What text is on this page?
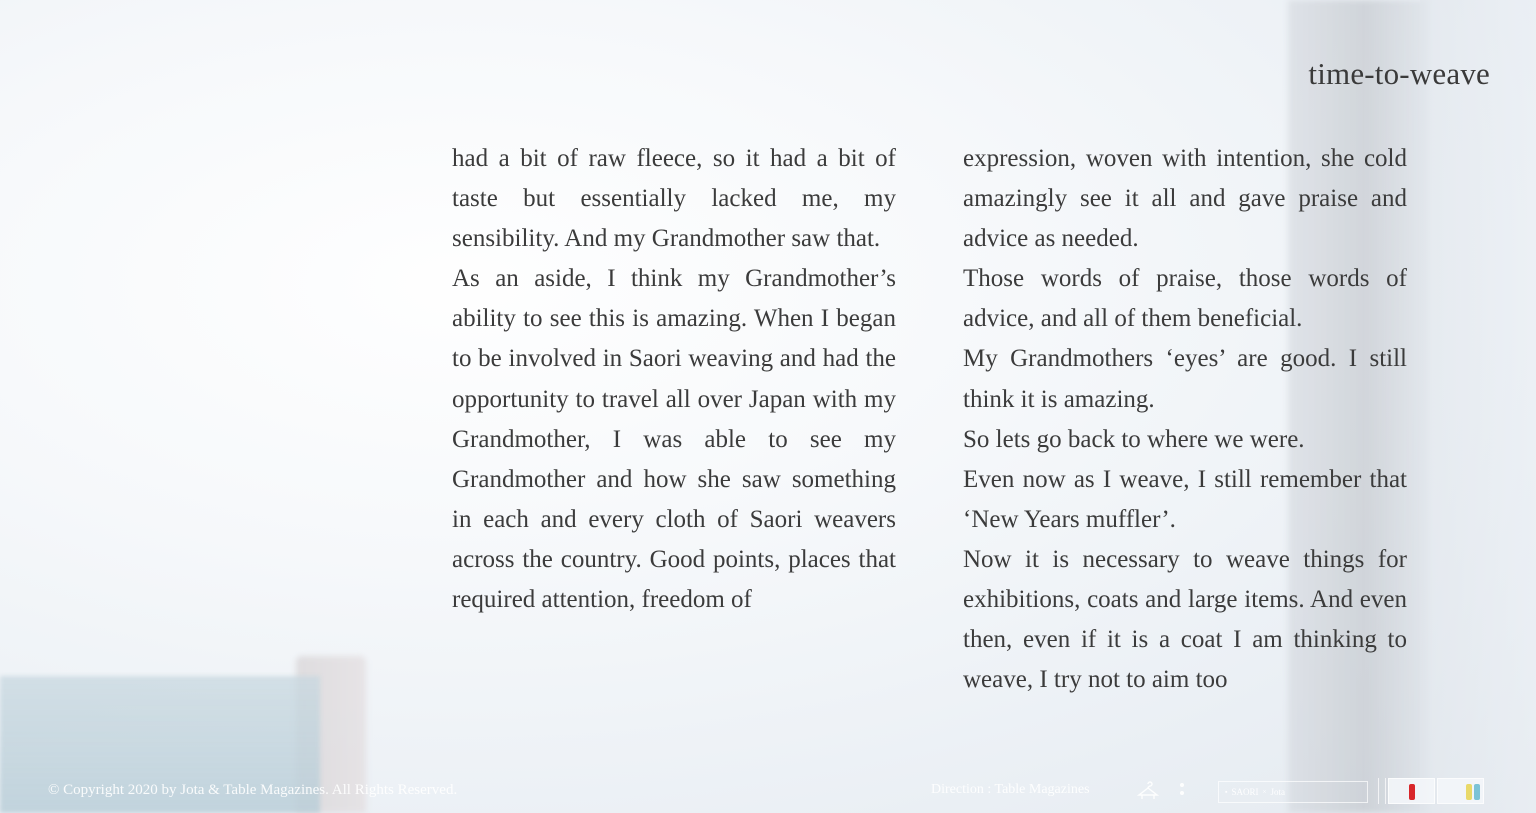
time-to-weave

had a bit of raw fleece, so it had a bit of taste but essentially lacked me, my sensibility. And my Grandmother saw that.

As an aside, I think my Grandmother’s ability to see this is amazing. When I began to be involved in Saori weaving and had the opportunity to travel all over Japan with my Grandmother, I was able to see my Grandmother and how she saw something in each and every cloth of Saori weavers across the country. Good points, places that required attention, freedom of

expression, woven with intention, she cold amazingly see it all and gave praise and advice as needed.

Those words of praise, those words of advice, and all of them beneficial.

My Grandmothers ‘eyes’ are good. I still think it is amazing.

So lets go back to where we were.

Even now as I weave, I still remember that ‘New Years muffler’.

Now it is necessary to weave things for exhibitions, coats and large items. And even then, even if it is a coat I am thinking to weave, I try not to aim too

© Copyright 2020 by Jota & Table Magazines. All Rights Reserved.	Direction : Table Magazines	▪ SAORI × Jota
